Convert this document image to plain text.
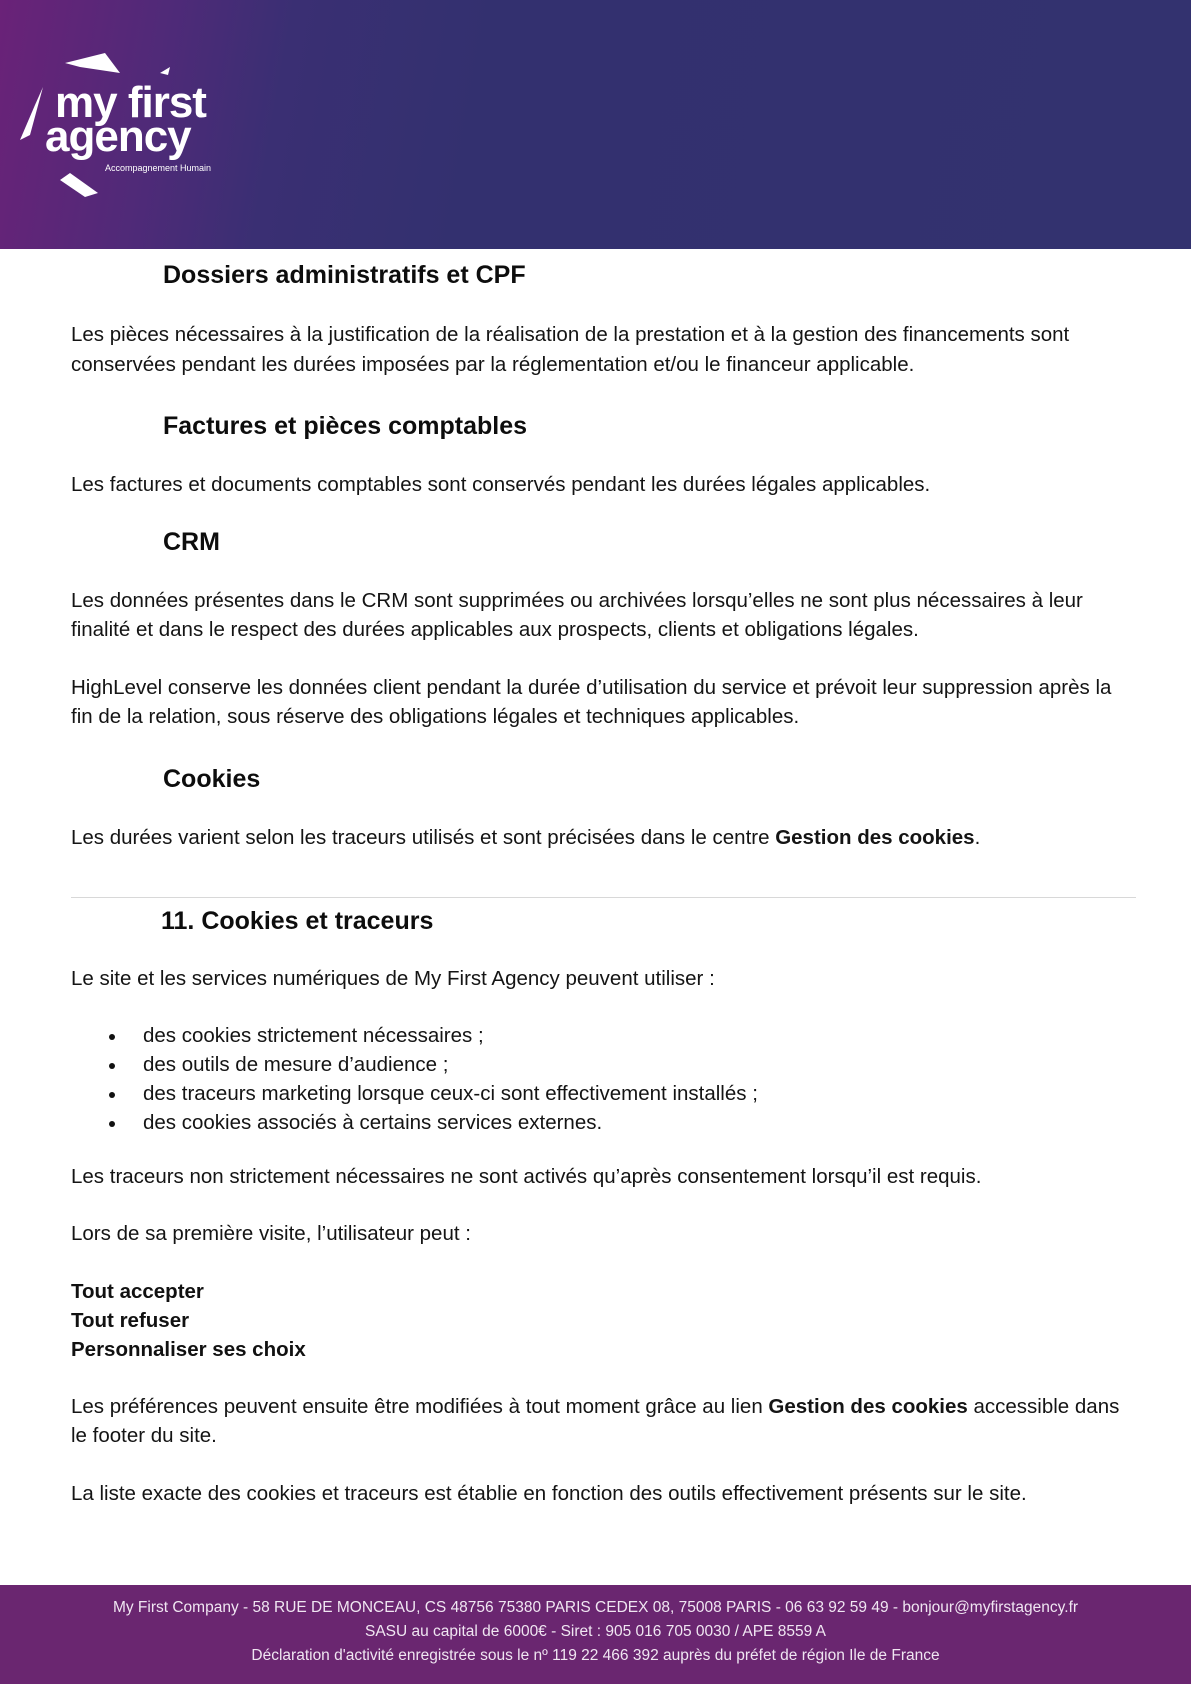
my first
agency
Accompagnement Humain
Dossiers administratifs et CPF

Les pièces nécessaires à la justification de la réalisation de la prestation et à la gestion des financements sont conservées pendant les durées imposées par la réglementation et/ou le financeur applicable.

Factures et pièces comptables

Les factures et documents comptables sont conservés pendant les durées légales applicables.

CRM

Les données présentes dans le CRM sont supprimées ou archivées lorsqu’elles ne sont plus nécessaires à leur finalité et dans le respect des durées applicables aux prospects, clients et obligations légales.

HighLevel conserve les données client pendant la durée d’utilisation du service et prévoit leur suppression après la fin de la relation, sous réserve des obligations légales et techniques applicables.

Cookies

Les durées varient selon les traceurs utilisés et sont précisées dans le centre Gestion des cookies.

11. Cookies et traceurs

Le site et les services numériques de My First Agency peuvent utiliser :

des cookies strictement nécessaires ;
des outils de mesure d’audience ;
des traceurs marketing lorsque ceux-ci sont effectivement installés ;
des cookies associés à certains services externes.

Les traceurs non strictement nécessaires ne sont activés qu’après consentement lorsqu’il est requis.

Lors de sa première visite, l’utilisateur peut :

Tout accepter
Tout refuser
Personnaliser ses choix

Les préférences peuvent ensuite être modifiées à tout moment grâce au lien Gestion des cookies accessible dans le footer du site.

La liste exacte des cookies et traceurs est établie en fonction des outils effectivement présents sur le site.

My First Company - 58 RUE DE MONCEAU, CS 48756 75380 PARIS CEDEX 08, 75008 PARIS - 06 63 92 59 49 - bonjour@myfirstagency.fr
SASU au capital de 6000€ - Siret : 905 016 705 0030 / APE 8559 A
Déclaration d'activité enregistrée sous le nº 119 22 466 392 auprès du préfet de région Ile de France
